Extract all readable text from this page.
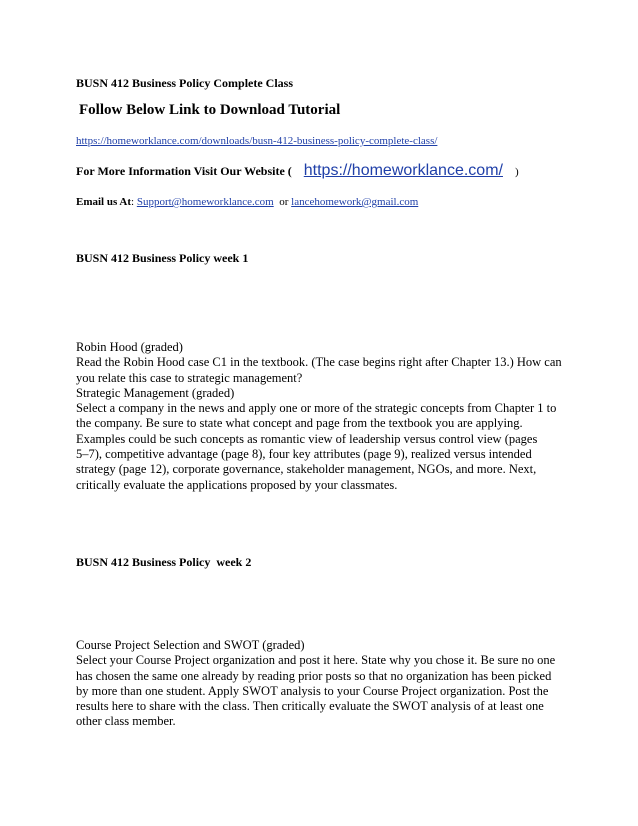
BUSN 412 Business Policy Complete Class

Follow Below Link to Download Tutorial

https://homeworklance.com/downloads/busn-412-business-policy-complete-class/

For More Information Visit Our Website ( https://homeworklance.com/ )

Email us At: Support@homeworklance.com or lancehomework@gmail.com

BUSN 412 Business Policy week 1

Robin Hood (graded)
Read the Robin Hood case C1 in the textbook. (The case begins right after Chapter 13.) How can
you relate this case to strategic management?
Strategic Management (graded)
Select a company in the news and apply one or more of the strategic concepts from Chapter 1 to
the company. Be sure to state what concept and page from the textbook you are applying.
Examples could be such concepts as romantic view of leadership versus control view (pages
5–7), competitive advantage (page 8), four key attributes (page 9), realized versus intended
strategy (page 12), corporate governance, stakeholder management, NGOs, and more. Next,
critically evaluate the applications proposed by your classmates.

BUSN 412 Business Policy  week 2

Course Project Selection and SWOT (graded)
Select your Course Project organization and post it here. State why you chose it. Be sure no one
has chosen the same one already by reading prior posts so that no organization has been picked
by more than one student. Apply SWOT analysis to your Course Project organization. Post the
results here to share with the class. Then critically evaluate the SWOT analysis of at least one
other class member.
